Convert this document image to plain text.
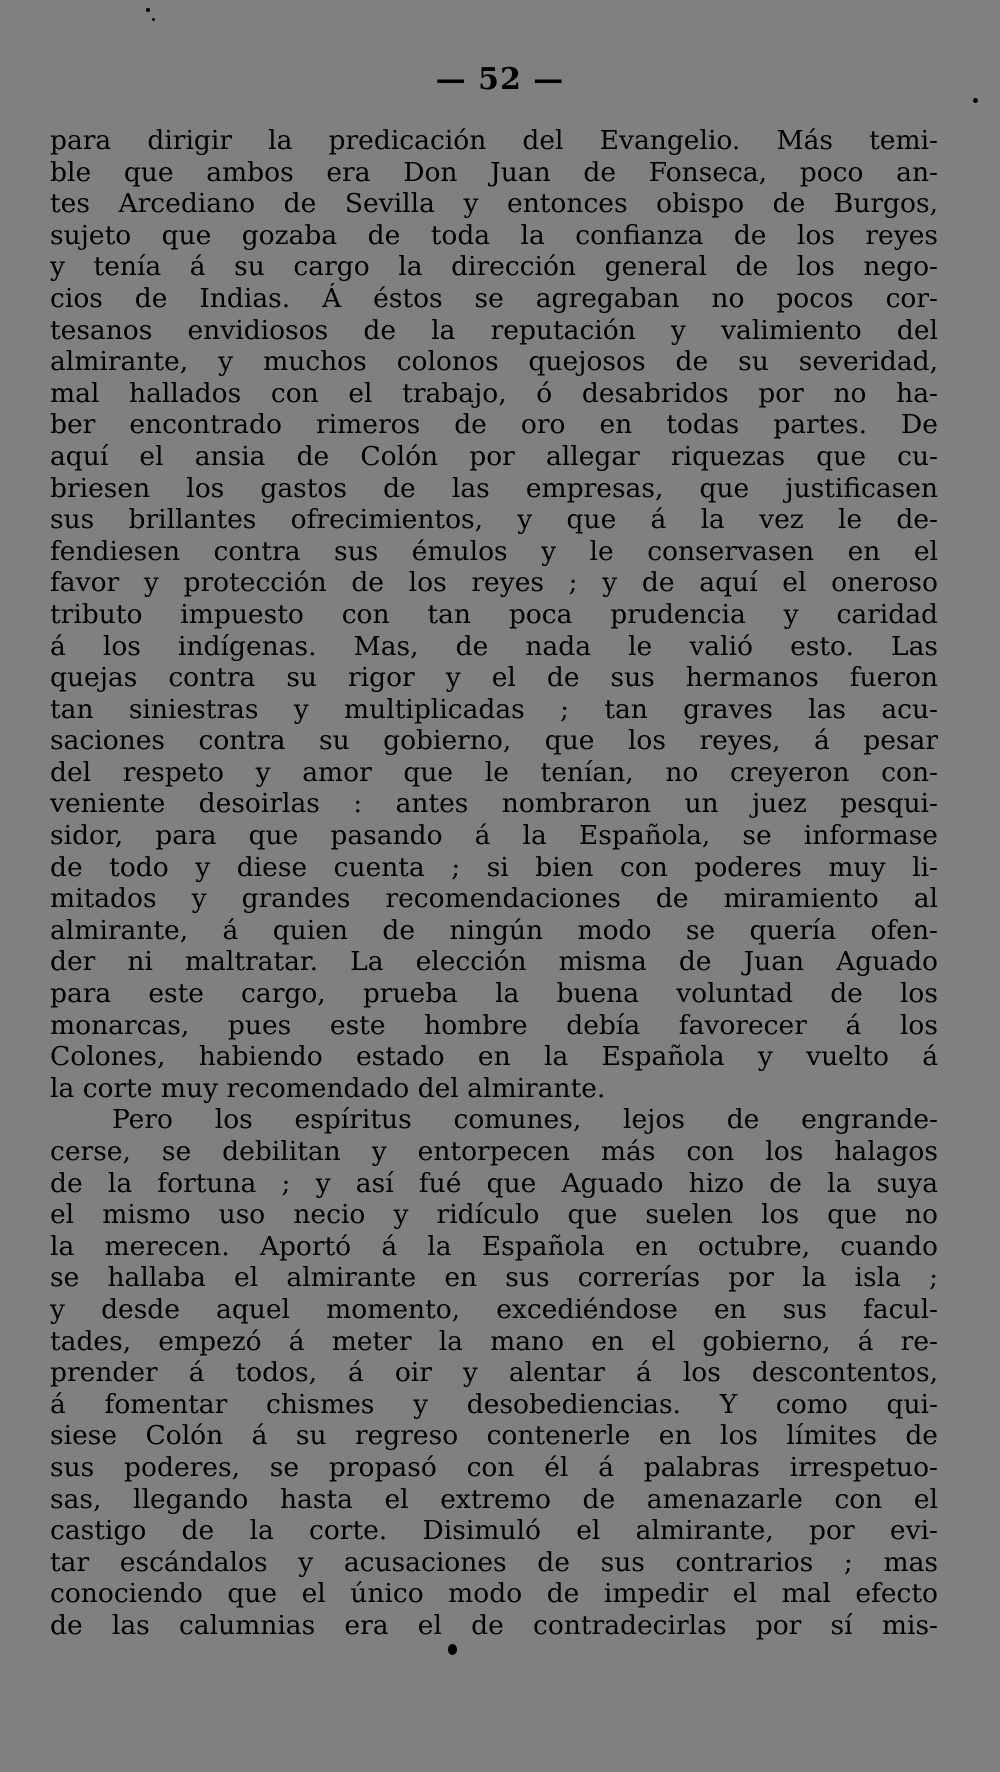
— 52 —
para dirigir la predicación del Evangelio. Más temi-
ble que ambos era Don Juan de Fonseca, poco an-
tes Arcediano de Sevilla y entonces obispo de Burgos,
sujeto que gozaba de toda la confianza de los reyes
y tenía á su cargo la dirección general de los nego-
cios de Indias. Á éstos se agregaban no pocos cor-
tesanos envidiosos de la reputación y valimiento del
almirante, y muchos colonos quejosos de su severidad,
mal hallados con el trabajo, ó desabridos por no ha-
ber encontrado rimeros de oro en todas partes. De
aquí el ansia de Colón por allegar riquezas que cu-
briesen los gastos de las empresas, que justificasen
sus brillantes ofrecimientos, y que á la vez le de-
fendiesen contra sus émulos y le conservasen en el
favor y protección de los reyes ; y de aquí el oneroso
tributo impuesto con tan poca prudencia y caridad
á los indígenas. Mas, de nada le valió esto. Las
quejas contra su rigor y el de sus hermanos fueron
tan siniestras y multiplicadas ; tan graves las acu-
saciones contra su gobierno, que los reyes, á pesar
del respeto y amor que le tenían, no creyeron con-
veniente desoirlas : antes nombraron un juez pesqui-
sidor, para que pasando á la Española, se informase
de todo y diese cuenta ; si bien con poderes muy li-
mitados y grandes recomendaciones de miramiento al
almirante, á quien de ningún modo se quería ofen-
der ni maltratar. La elección misma de Juan Aguado
para este cargo, prueba la buena voluntad de los
monarcas, pues este hombre debía favorecer á los
Colones, habiendo estado en la Española y vuelto á
la corte muy recomendado del almirante.
Pero los espíritus comunes, lejos de engrande-
cerse, se debilitan y entorpecen más con los halagos
de la fortuna ; y así fué que Aguado hizo de la suya
el mismo uso necio y ridículo que suelen los que no
la merecen. Aportó á la Española en octubre, cuando
se hallaba el almirante en sus correrías por la isla ;
y desde aquel momento, excediéndose en sus facul-
tades, empezó á meter la mano en el gobierno, á re-
prender á todos, á oir y alentar á los descontentos,
á fomentar chismes y desobediencias. Y como qui-
siese Colón á su regreso contenerle en los límites de
sus poderes, se propasó con él á palabras irrespetuo-
sas, llegando hasta el extremo de amenazarle con el
castigo de la corte. Disimuló el almirante, por evi-
tar escándalos y acusaciones de sus contrarios ; mas
conociendo que el único modo de impedir el mal efecto
de las calumnias era el de contradecirlas por sí mis-
